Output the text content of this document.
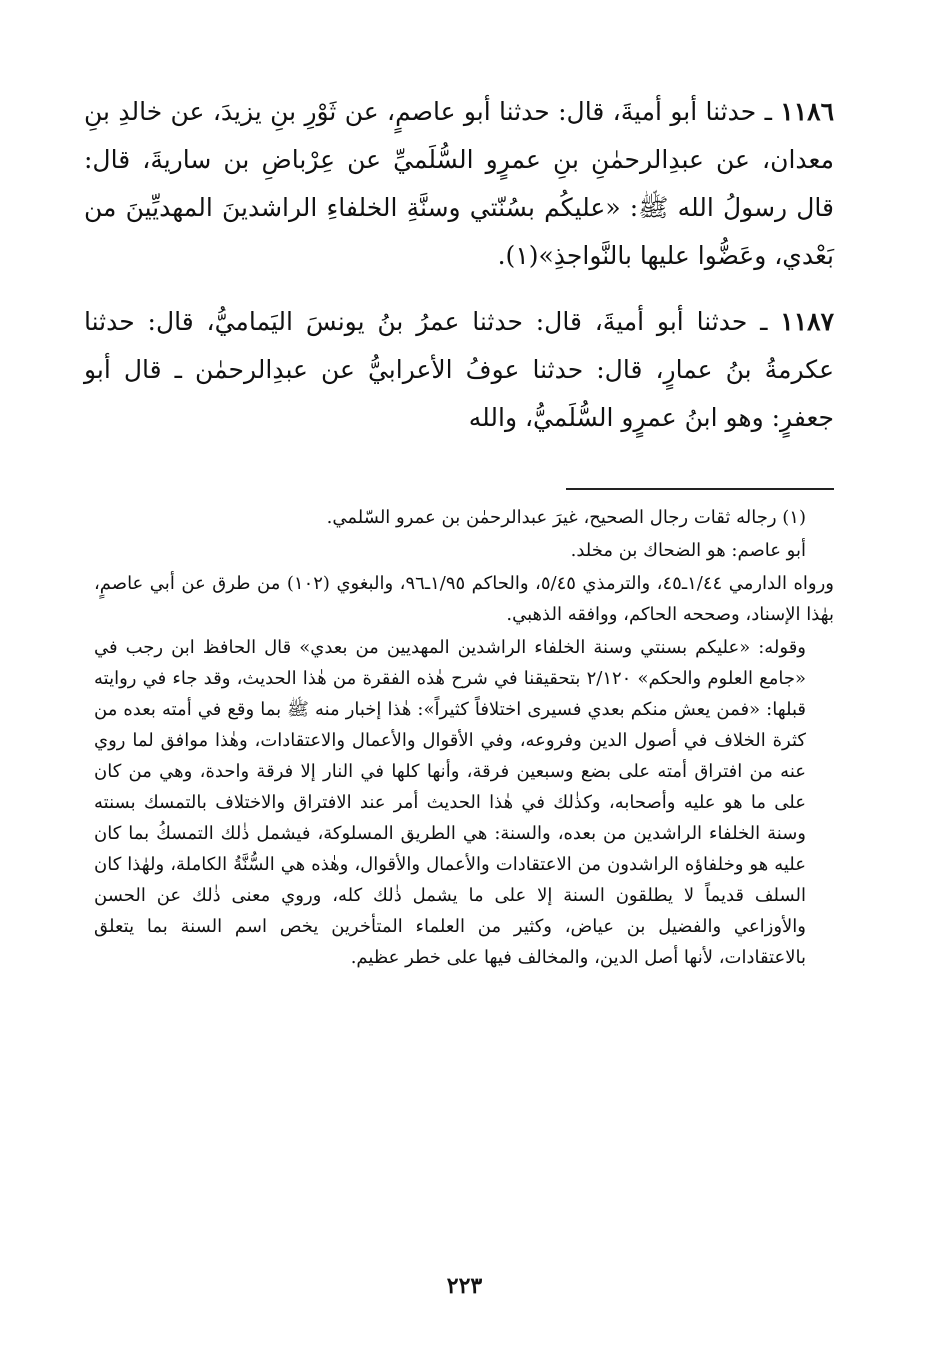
١١٨٦ ـ حدثنا أبو أميةَ، قال: حدثنا أبو عاصمٍ، عن ثَوْرِ بنِ يزيدَ، عن خالدِ بنِ معدان، عن عبدِالرحمٰنِ بنِ عمرٍو السُّلَميِّ عن عِرْباضِ بن ساريةَ، قال: قال رسولُ الله ﷺ: «عليكُم بسُنّتي وسنَّةِ الخلفاءِ الراشدينَ المهديِّينَ من بَعْدي، وعَضُّوا عليها بالنَّواجذِ»(١).

١١٨٧ ـ حدثنا أبو أميةَ، قال: حدثنا عمرُ بنُ يونسَ اليَماميُّ، قال: حدثنا عكرمةُ بنُ عمارٍ، قال: حدثنا عوفُ الأعرابيُّ عن عبدِالرحمٰن ـ قال أبو جعفرٍ: وهو ابنُ عمرٍو السُّلَميُّ، والله

(١) رجاله ثقات رجال الصحيح، غيرَ عبدالرحمٰن بن عمرو السّلمي.

أبو عاصم: هو الضحاك بن مخلد.

ورواه الدارمي ١/٤٤ـ٤٥، والترمذي ٥/٤٥، والحاكم ١/٩٥ـ٩٦، والبغوي (١٠٢) من طرق عن أبي عاصمٍ، بهٰذا الإسناد، وصححه الحاكم، ووافقه الذهبي.

وقوله: «عليكم بسنتي وسنة الخلفاء الراشدين المهديين من بعدي» قال الحافظ ابن رجب في «جامع العلوم والحكم» ٢/١٢٠ بتحقيقنا في شرح هٰذه الفقرة من هٰذا الحديث، وقد جاء في روايته قبلها: «فمن يعش منكم بعدي فسيرى اختلافاً كثيراً»: هٰذا إخبار منه ﷺ بما وقع في أمته بعده من كثرة الخلاف في أصول الدين وفروعه، وفي الأقوال والأعمال والاعتقادات، وهٰذا موافق لما روي عنه من افتراق أمته على بضع وسبعين فرقة، وأنها كلها في النار إلا فرقة واحدة، وهي من كان على ما هو عليه وأصحابه، وكذٰلك في هٰذا الحديث أمر عند الافتراق والاختلاف بالتمسك بسنته وسنة الخلفاء الراشدين من بعده، والسنة: هي الطريق المسلوكة، فيشمل ذٰلك التمسكُ بما كان عليه هو وخلفاؤه الراشدون من الاعتقادات والأعمال والأقوال، وهٰذه هي السُّنَّةُ الكاملة، ولهٰذا كان السلف قديماً لا يطلقون السنة إلا على ما يشمل ذٰلك كله، وروي معنى ذٰلك عن الحسن والأوزاعي والفضيل بن عياض، وكثير من العلماء المتأخرين يخص اسم السنة بما يتعلق بالاعتقادات، لأنها أصل الدين، والمخالف فيها على خطر عظيم.

٢٢٣
